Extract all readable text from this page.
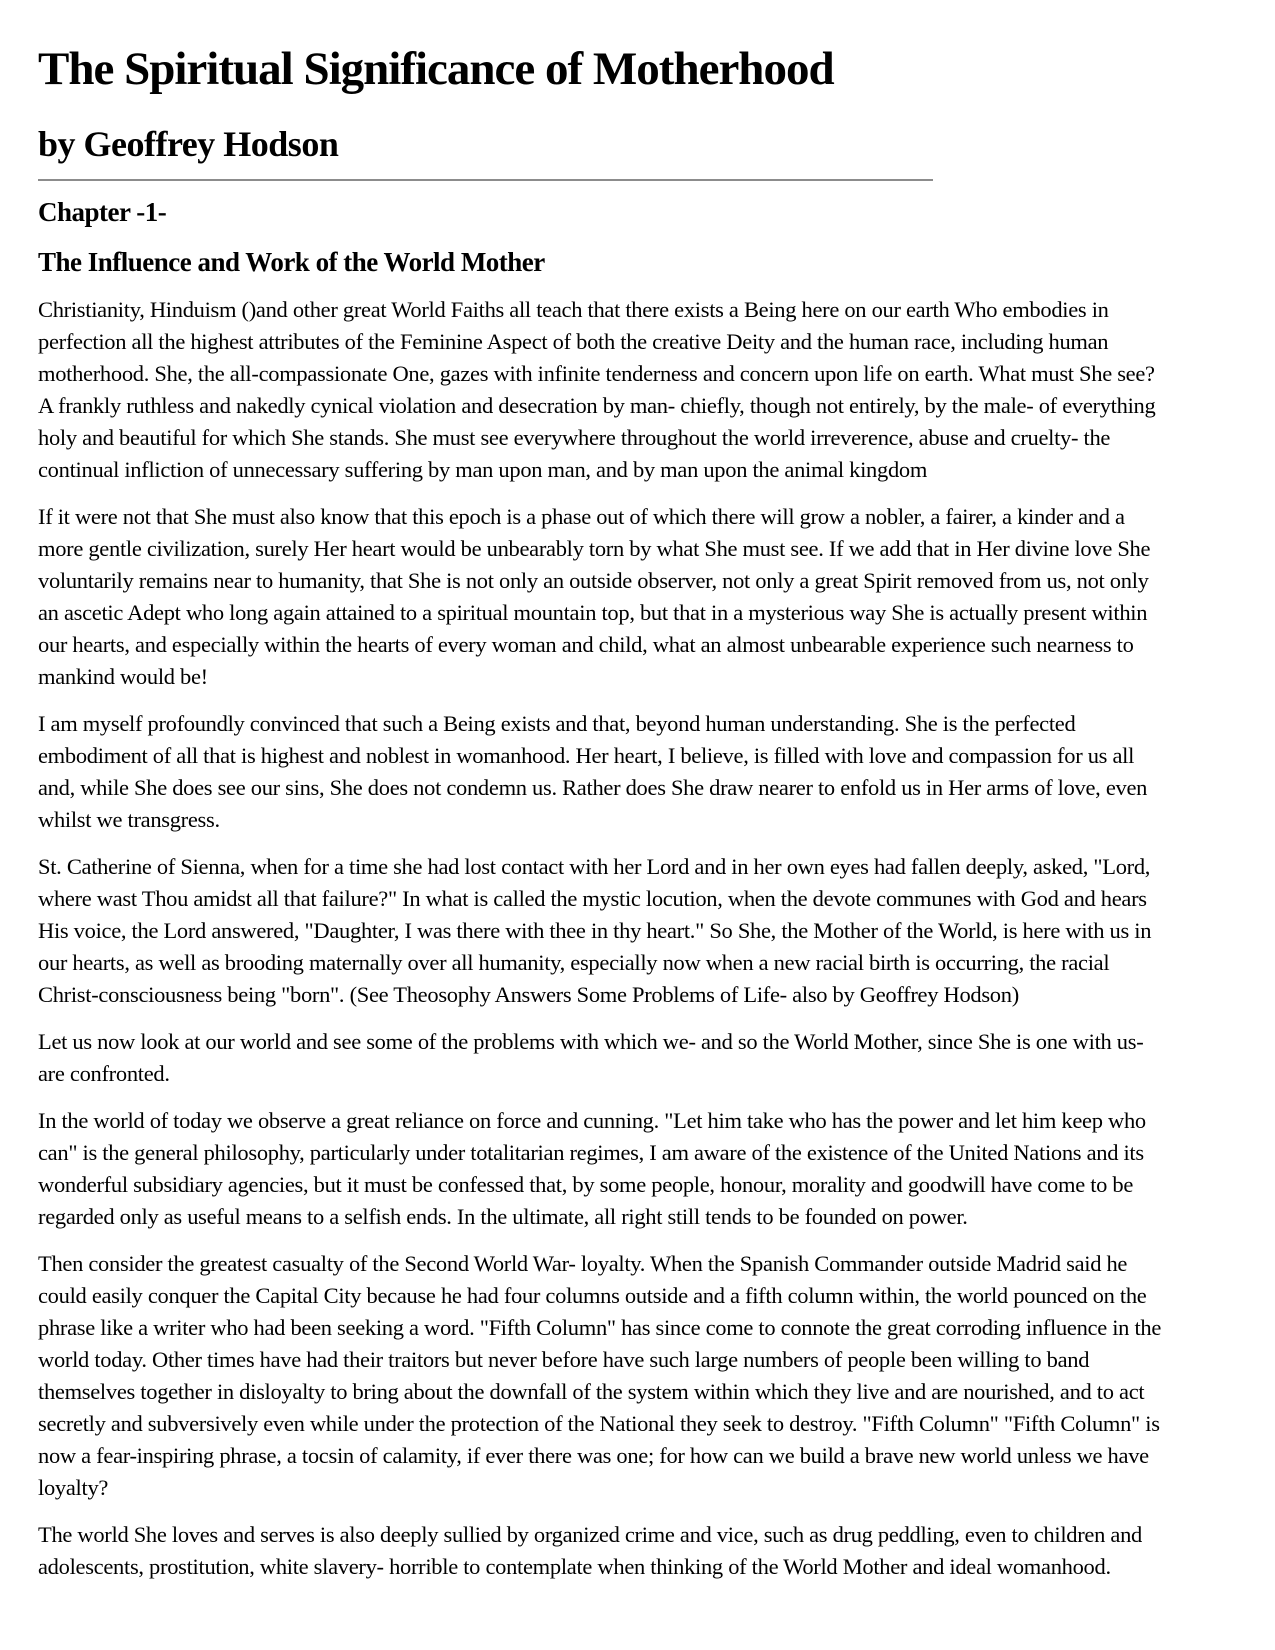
The Spiritual Significance of Motherhood
by Geoffrey Hodson
Chapter -1-
The Influence and Work of the World Mother

Christianity, Hinduism ()and other great World Faiths all teach that there exists a Being here on our earth Who embodies in perfection all the highest attributes of the Feminine Aspect of both the creative Deity and the human race, including human motherhood. She, the all-compassionate One, gazes with infinite tenderness and concern upon life on earth. What must She see? A frankly ruthless and nakedly cynical violation and desecration by man- chiefly, though not entirely, by the male- of everything holy and beautiful for which She stands. She must see everywhere throughout the world irreverence, abuse and cruelty- the continual infliction of unnecessary suffering by man upon man, and by man upon the animal kingdom

If it were not that She must also know that this epoch is a phase out of which there will grow a nobler, a fairer, a kinder and a more gentle civilization, surely Her heart would be unbearably torn by what She must see. If we add that in Her divine love She voluntarily remains near to humanity, that She is not only an outside observer, not only a great Spirit removed from us, not only an ascetic Adept who long again attained to a spiritual mountain top, but that in a mysterious way She is actually present within our hearts, and especially within the hearts of every woman and child, what an almost unbearable experience such nearness to mankind would be!

I am myself profoundly convinced that such a Being exists and that, beyond human understanding. She is the perfected embodiment of all that is highest and noblest in womanhood. Her heart, I believe, is filled with love and compassion for us all and, while She does see our sins, She does not condemn us. Rather does She draw nearer to enfold us in Her arms of love, even whilst we transgress.

St. Catherine of Sienna, when for a time she had lost contact with her Lord and in her own eyes had fallen deeply, asked, "Lord, where wast Thou amidst all that failure?" In what is called the mystic locution, when the devote communes with God and hears His voice, the Lord answered, "Daughter, I was there with thee in thy heart." So She, the Mother of the World, is here with us in our hearts, as well as brooding maternally over all humanity, especially now when a new racial birth is occurring, the racial Christ-consciousness being "born". (See Theosophy Answers Some Problems of Life- also by Geoffrey Hodson)

Let us now look at our world and see some of the problems with which we- and so the World Mother, since She is one with us- are confronted.

In the world of today we observe a great reliance on force and cunning. "Let him take who has the power and let him keep who can" is the general philosophy, particularly under totalitarian regimes, I am aware of the existence of the United Nations and its wonderful subsidiary agencies, but it must be confessed that, by some people, honour, morality and goodwill have come to be regarded only as useful means to a selfish ends. In the ultimate, all right still tends to be founded on power.

Then consider the greatest casualty of the Second World War- loyalty. When the Spanish Commander outside Madrid said he could easily conquer the Capital City because he had four columns outside and a fifth column within, the world pounced on the phrase like a writer who had been seeking a word. "Fifth Column" has since come to connote the great corroding influence in the world today. Other times have had their traitors but never before have such large numbers of people been willing to band themselves together in disloyalty to bring about the downfall of the system within which they live and are nourished, and to act secretly and subversively even while under the protection of the National they seek to destroy. "Fifth Column" "Fifth Column" is now a fear-inspiring phrase, a tocsin of calamity, if ever there was one; for how can we build a brave new world unless we have loyalty?

The world She loves and serves is also deeply sullied by organized crime and vice, such as drug peddling, even to children and adolescents, prostitution, white slavery- horrible to contemplate when thinking of the World Mother and ideal womanhood.
